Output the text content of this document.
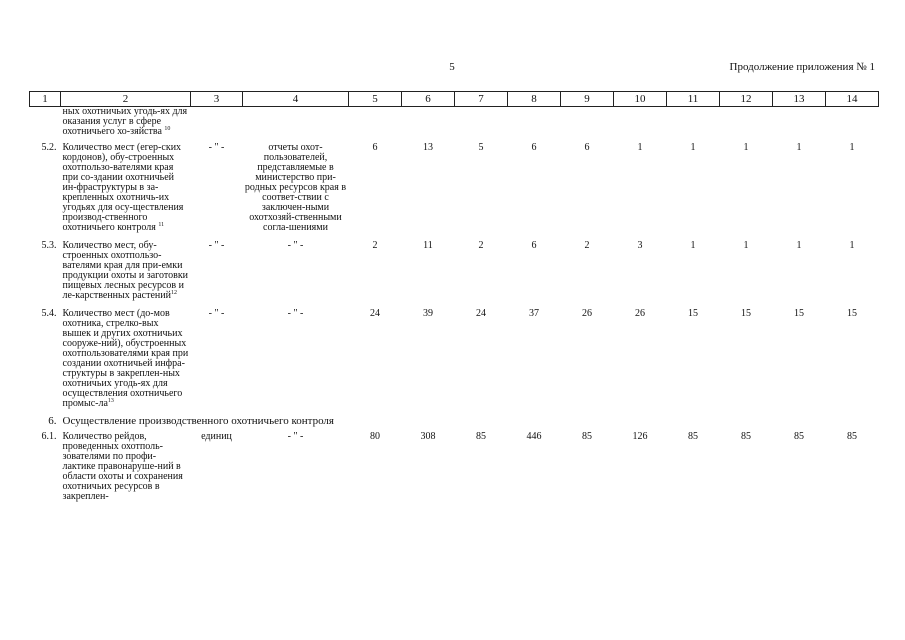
5	Продолжение приложения № 1
1	2	3	4	5	6	7	8	9	10	11	12	13	14
	ных охотничьих угодь-ях для оказания услуг в сфере охотничьего хо-зяйства $^{10}$	
5.2.	Количество мест (егер-ских кордонов), обу-строенных охотпользо-вателями края при со-здании охотничьей ин-фраструктуры в за-крепленных охотничь-их угодьях для осу-ществления производ-ственного охотничьего контроля $^{11}$	- " -	отчеты охот-пользователей, представляемые в министерство при-родных ресурсов края в соответ-ствии с заключен-ными охотхозяй-ственными согла-шениями	6	13	5	6	6	1	1	1	1	1
5.3.	Количество мест, обу-строенных охотпользо-вателями края для при-емки продукции охоты и заготовки пищевых лесных ресурсов и ле-карственных растений$^{12}$	- " -	- " -	2	11	2	6	2	3	1	1	1	1
5.4.	Количество мест (до-мов охотника, стрелко-вых вышек и других охотничьих сооруже-ний), обустроенных охотпользователями края при создании охотничьей инфра-структуры в закреплен-ных охотничьих угодь-ях для осуществления охотничьего промыс-$ла^{13}$	- " -	- " -	24	39	24	37	26	26	15	15	15	15
6.	Осуществление производственного охотничьего контроля												
6.1.	Количество рейдов, проведенных охотполь-зователями по профи-лактике правонаруше-ний в области охоты и сохранения охотничьих ресурсов в закреплен-	единиц	- " -	80	308	85	446	85	126	85	85	85	85
